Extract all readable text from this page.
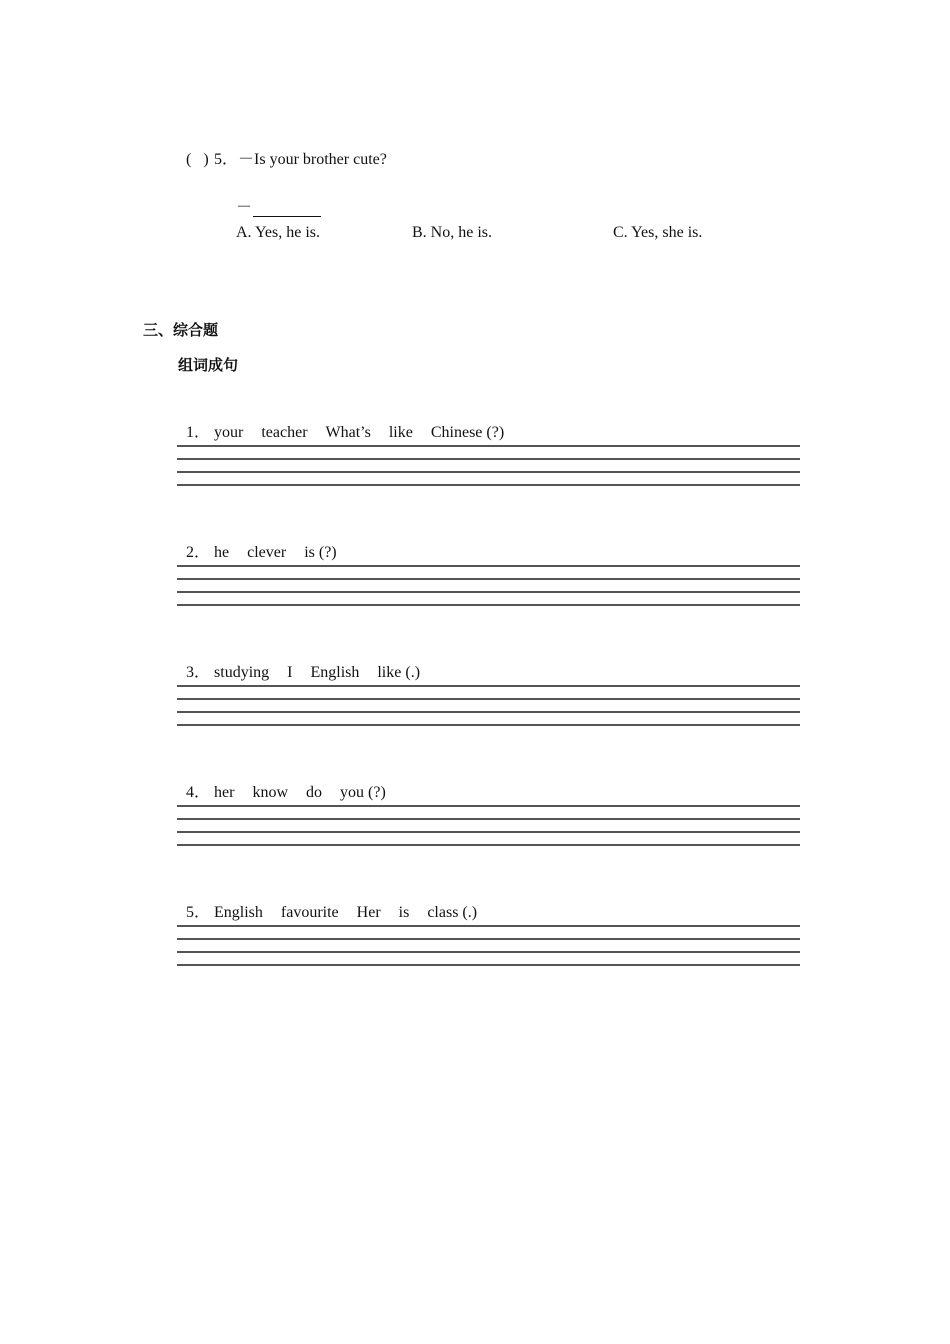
( ) 5．－Is your brother cute?

－

A. Yes, he is.	B. No, he is.	C. Yes, she is.
三、综合题
组词成句

1． your teacher What’s like Chinese (?)

2． he clever is (?)

3． studying I English like (.)

4． her know do you (?)

5． English favourite Her is class (.)
